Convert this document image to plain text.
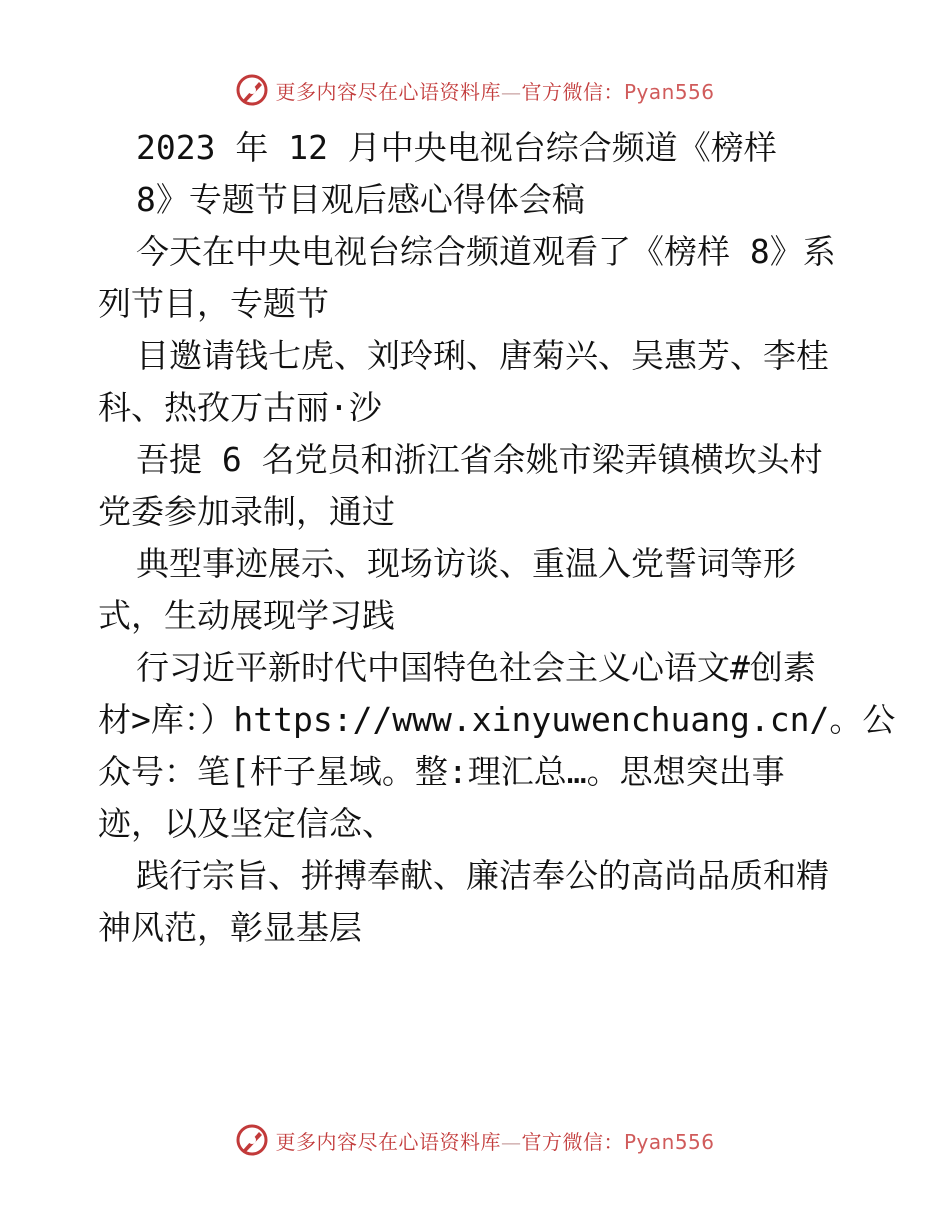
更多内容尽在心语资料库—官方微信：Pyan556

2023 年 12 月中央电视台综合频道《榜样
8》专题节目观后感心得体会稿

今天在中央电视台综合频道观看了《榜样 8》系
列节目，专题节

目邀请钱七虎、刘玲琍、唐菊兴、吴惠芳、李桂
科、热孜万古丽·沙

吾提 6 名党员和浙江省余姚市梁弄镇横坎头村
党委参加录制，通过

典型事迹展示、现场访谈、重温入党誓词等形
式，生动展现学习践

行习近平新时代中国特色社会主义心语文#创素
材>库：）https://www.xinyuwenchuang.cn/。公
众号：笔[杆子星域。整:理汇总…。思想突出事
迹，以及坚定信念、

践行宗旨、拼搏奉献、廉洁奉公的高尚品质和精
神风范，彰显基层

更多内容尽在心语资料库—官方微信：Pyan556
